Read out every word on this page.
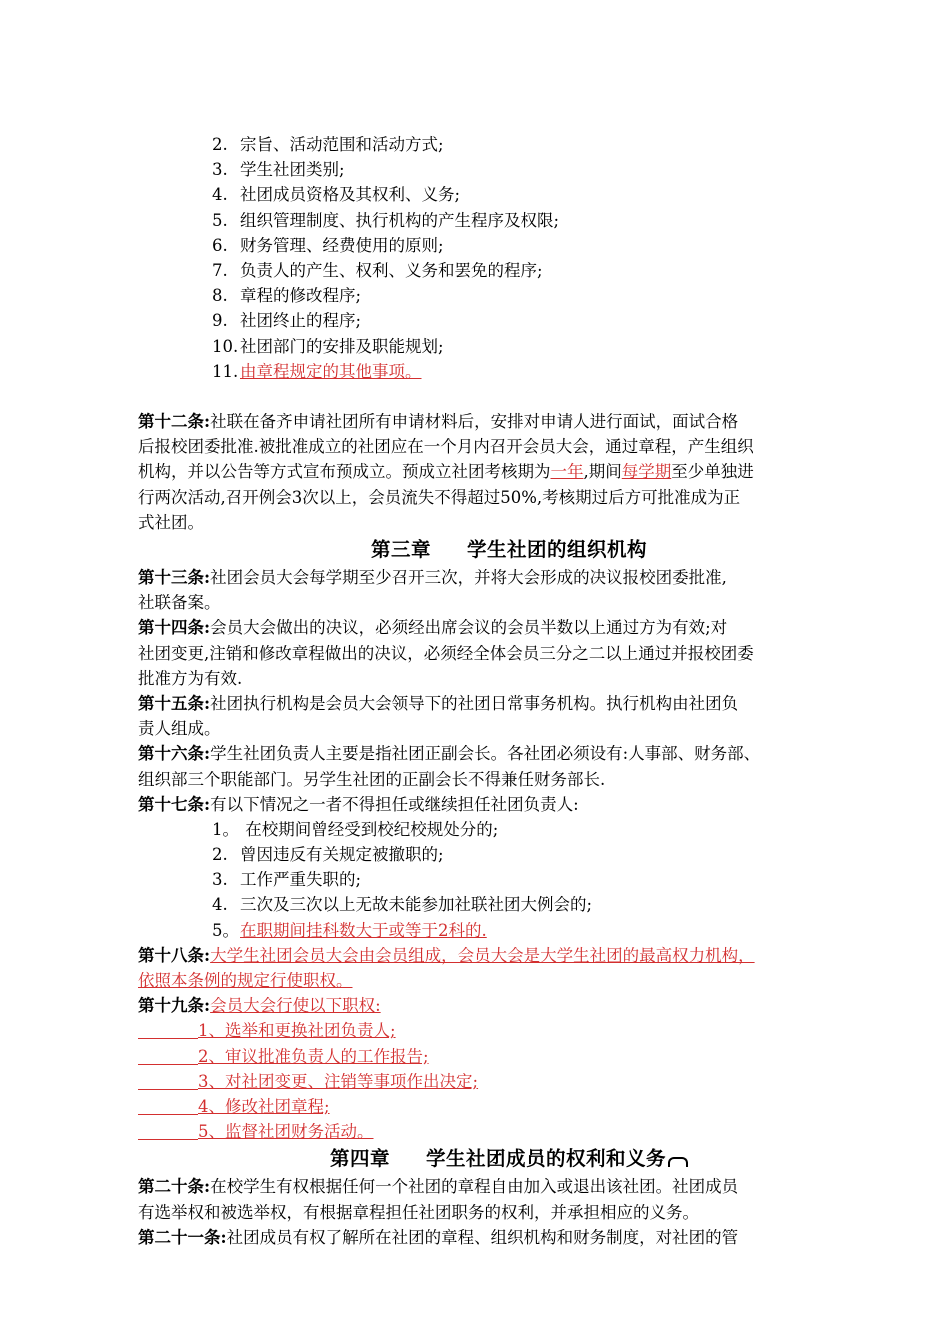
2. 宗旨、活动范围和活动方式;
3. 学生社团类别;
4. 社团成员资格及其权利、义务;
5. 组织管理制度、执行机构的产生程序及权限;
6. 财务管理、经费使用的原则;
7. 负责人的产生、权利、义务和罢免的程序;
8. 章程的修改程序;
9. 社团终止的程序;
10. 社团部门的安排及职能规划;
11. 由章程规定的其他事项。
第十二条:社联在备齐申请社团所有申请材料后，安排对申请人进行面试，面试合格
后报校团委批准.被批准成立的社团应在一个月内召开会员大会，通过章程，产生组织
机构，并以公告等方式宣布预成立。预成立社团考核期为一年,期间每学期至少单独进
行两次活动,召开例会3次以上，会员流失不得超过50%,考核期过后方可批准成为正
式社团。
第三章 学生社团的组织机构
第十三条:社团会员大会每学期至少召开三次，并将大会形成的决议报校团委批准,
社联备案。
第十四条:会员大会做出的决议，必须经出席会议的会员半数以上通过方为有效;对
社团变更,注销和修改章程做出的决议，必须经全体会员三分之二以上通过并报校团委
批准方为有效.
第十五条:社团执行机构是会员大会领导下的社团日常事务机构。执行机构由社团负
责人组成。
第十六条:学生社团负责人主要是指社团正副会长。各社团必须设有:人事部、财务部、
组织部三个职能部门。另学生社团的正副会长不得兼任财务部长.
第十七条:有以下情况之一者不得担任或继续担任社团负责人:
1。 在校期间曾经受到校纪校规处分的;
2. 曾因违反有关规定被撤职的;
3. 工作严重失职的;
4. 三次及三次以上无故未能参加社联社团大例会的;
5。在职期间挂科数大于或等于2科的.
第十八条:大学生社团会员大会由会员组成，会员大会是大学生社团的最高权力机构，
依照本条例的规定行使职权。
第十九条:会员大会行使以下职权:
1、选举和更换社团负责人;
2、审议批准负责人的工作报告;
3、对社团变更、注销等事项作出决定;
4、修改社团章程;
5、监督社团财务活动。
第四章 学生社团成员的权利和义务
第二十条:在校学生有权根据任何一个社团的章程自由加入或退出该社团。社团成员
有选举权和被选举权，有根据章程担任社团职务的权利，并承担相应的义务。
第二十一条:社团成员有权了解所在社团的章程、组织机构和财务制度，对社团的管
